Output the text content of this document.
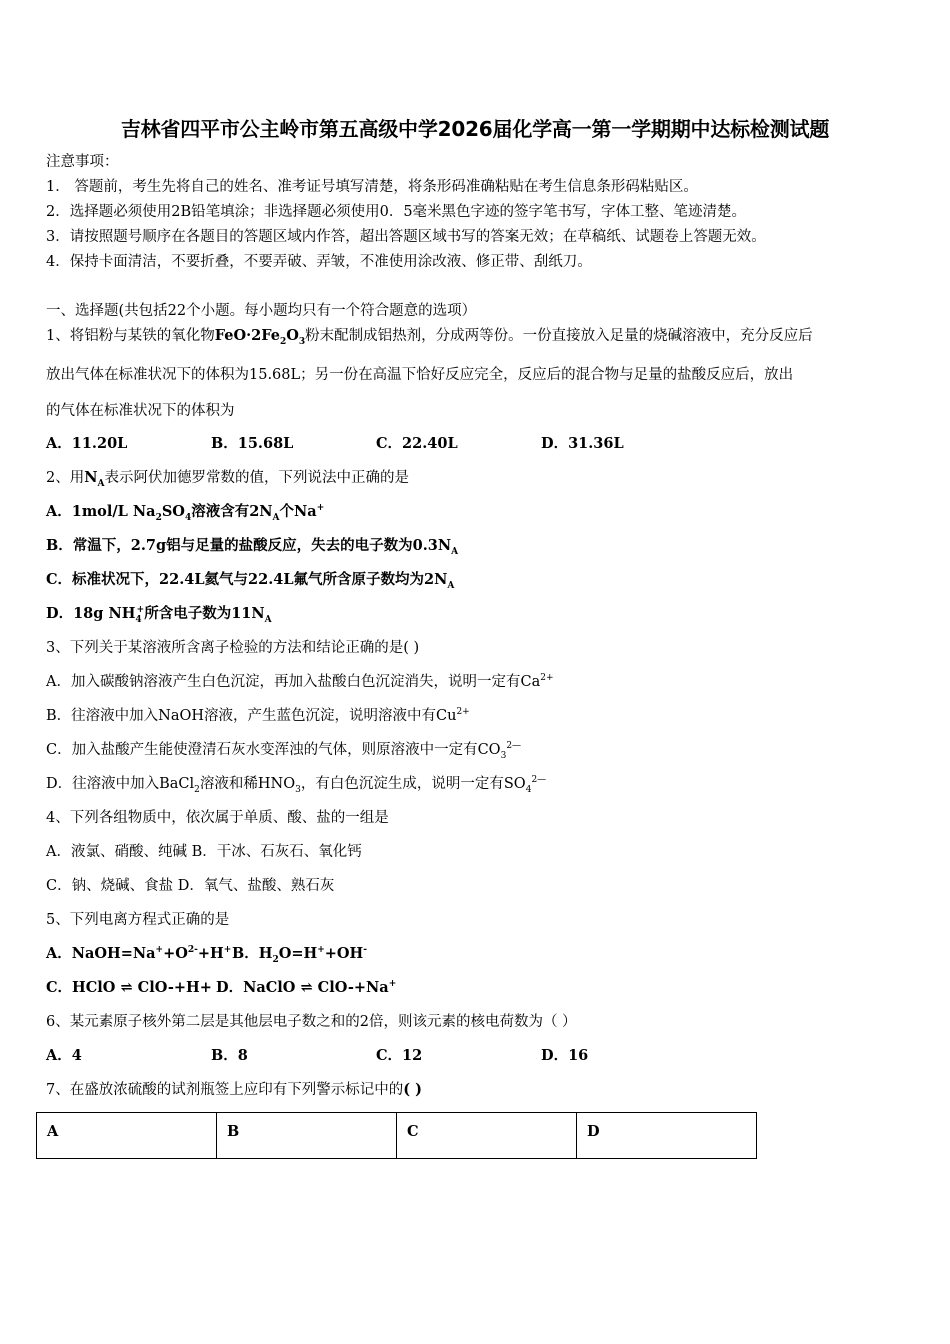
吉林省四平市公主岭市第五高级中学2026届化学高一第一学期期中达标检测试题
注意事项：
1． 答题前，考生先将自己的姓名、准考证号填写清楚，将条形码准确粘贴在考生信息条形码粘贴区。
2．选择题必须使用2B铅笔填涂；非选择题必须使用0．5毫米黑色字迹的签字笔书写，字体工整、笔迹清楚。
3．请按照题号顺序在各题目的答题区域内作答，超出答题区域书写的答案无效；在草稿纸、试题卷上答题无效。
4．保持卡面清洁，不要折叠，不要弄破、弄皱，不准使用涂改液、修正带、刮纸刀。
一、选择题(共包括22个小题。每小题均只有一个符合题意的选项）
1、将铝粉与某铁的氧化物$FeO\cdot 2Fe_2O_3$粉末配制成铝热剂，分成两等份。一份直接放入足量的烧碱溶液中，充分反应后
放出气体在标准状况下的体积为15.68L；另一份在高温下恰好反应完全，反应后的混合物与足量的盐酸反应后，放出
的气体在标准状况下的体积为
A．11.20L	B．15.68L	C．22.40L	D．31.36L
2、用$N_A$表示阿伏加德罗常数的值，下列说法中正确的是
A．1mol/L $Na_2SO_4$溶液含有$2N_A$个Na+
B．常温下，2.7g铝与足量的盐酸反应，失去的电子数为$0.3N_A$
C．标准状况下，22.4L氦气与22.4L氟气所含原子数均为$2N_A$
D．18g $NH_4^+$所含电子数为$11N_A$
3、下列关于某溶液所含离子检验的方法和结论正确的是( )
A．加入碳酸钠溶液产生白色沉淀，再加入盐酸白色沉淀消失，说明一定有$Ca^{2+}$
B．往溶液中加入NaOH溶液，产生蓝色沉淀，说明溶液中有$Cu^{2+}$
C．加入盐酸产生能使澄清石灰水变浑浊的气体，则原溶液中一定有$CO_3^{2—}$
D．往溶液中加入BaCl$_2$溶液和稀$HNO_3$，有白色沉淀生成，说明一定有$SO_4^{2—}$
4、下列各组物质中，依次属于单质、酸、盐的一组是
A．液氯、硝酸、纯碱 B．干冰、石灰石、氧化钙
C．钠、烧碱、食盐 D．氧气、盐酸、熟石灰
5、下列电离方程式正确的是
A．$NaOH=Na^++O^{2-}+H^+$ B．$H_2O=H^++OH^-$
C．HClO ⇌ ClO-+H+ D．NaClO ⇌ ClO-+Na+
6、某元素原子核外第二层是其他层电子数之和的2倍，则该元素的核电荷数为（ ）
A．4	B．8	C．12	D．16
7、在盛放浓硫酸的试剂瓶签上应印有下列警示标记中的( )
A	B	C	D
